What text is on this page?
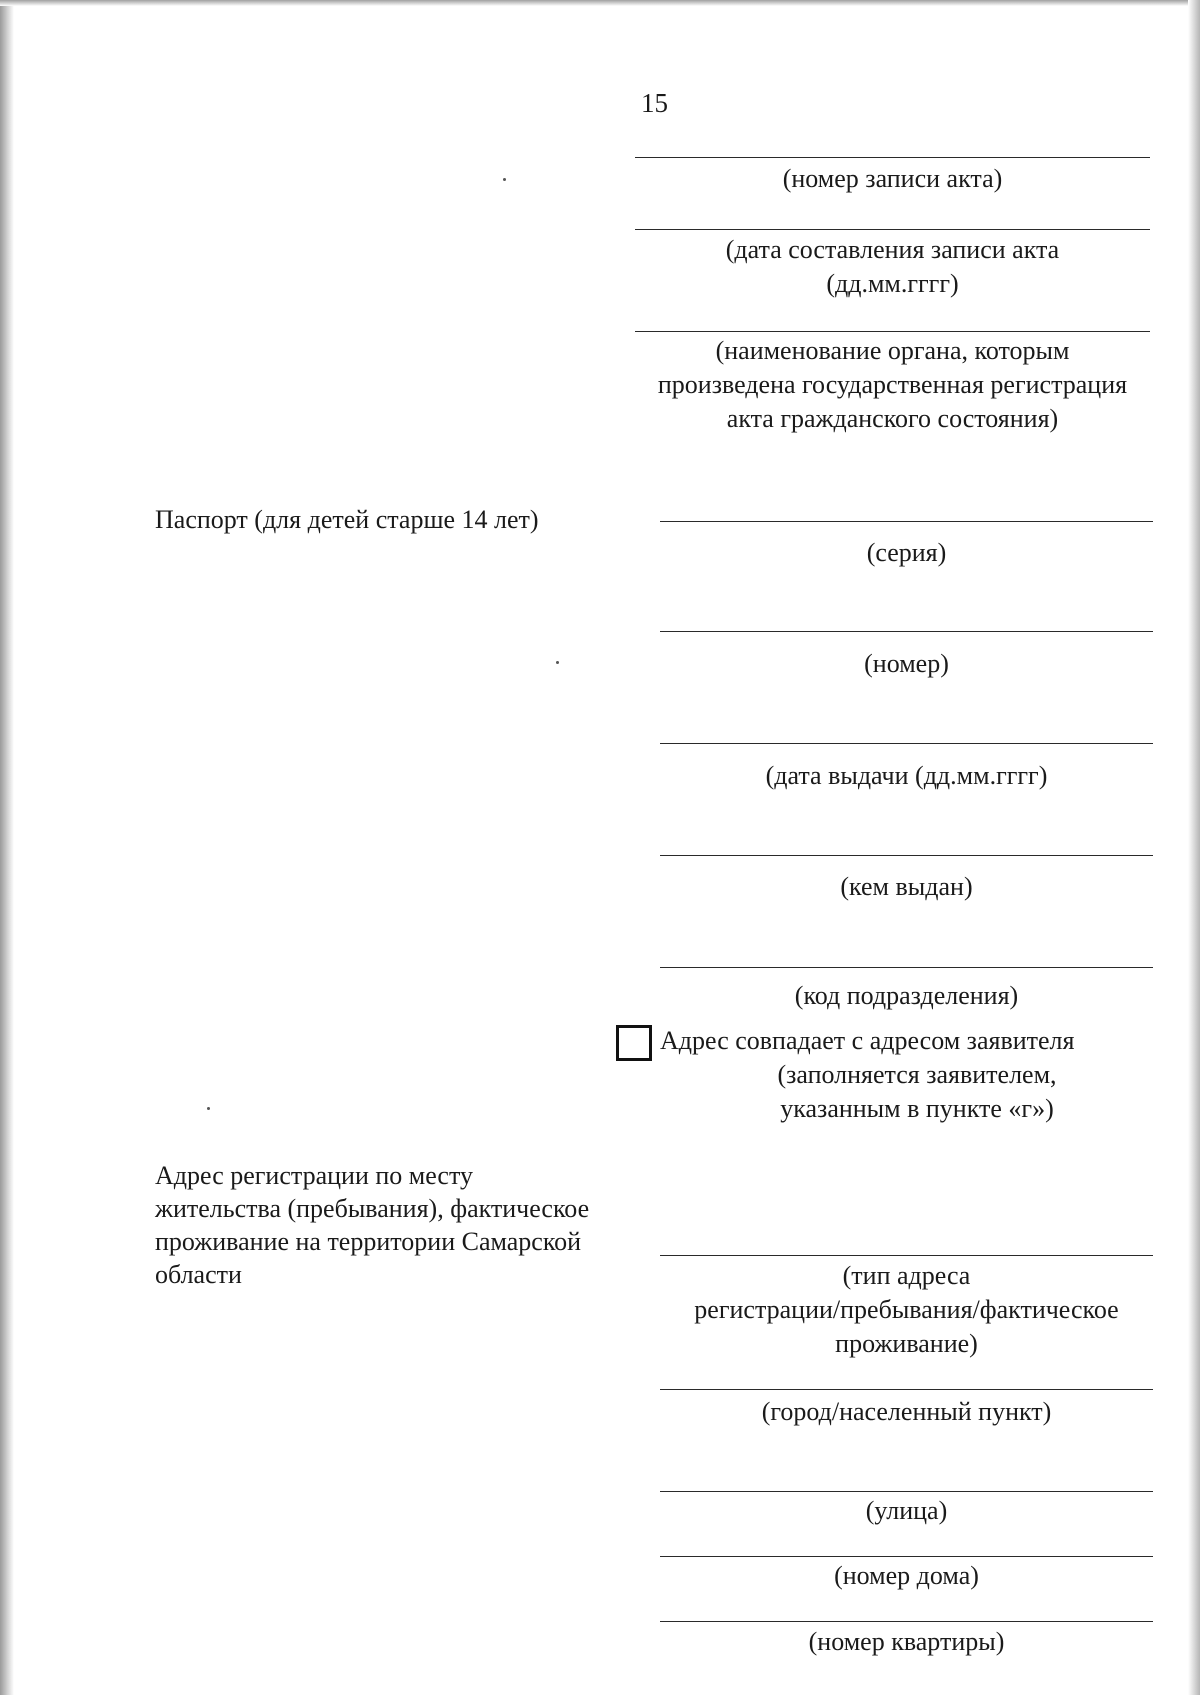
15
(номер записи акта)
(дата составления записи акта
(дд.мм.гггг)
(наименование органа, которым
произведена государственная регистрация
акта гражданского состояния)
Паспорт (для детей старше 14 лет)
(серия)
(номер)
(дата выдачи (дд.мм.гггг)
(кем выдан)
(код подразделения)
Адрес совпадает с адресом заявителя
(заполняется заявителем,
указанным в пункте «г»)
Адрес регистрации по месту
жительства (пребывания), фактическое
проживание на территории Самарской
области	(тип адреса
регистрации/пребывания/фактическое
проживание)
(город/населенный пункт)
(улица)
(номер дома)
(номер квартиры)
